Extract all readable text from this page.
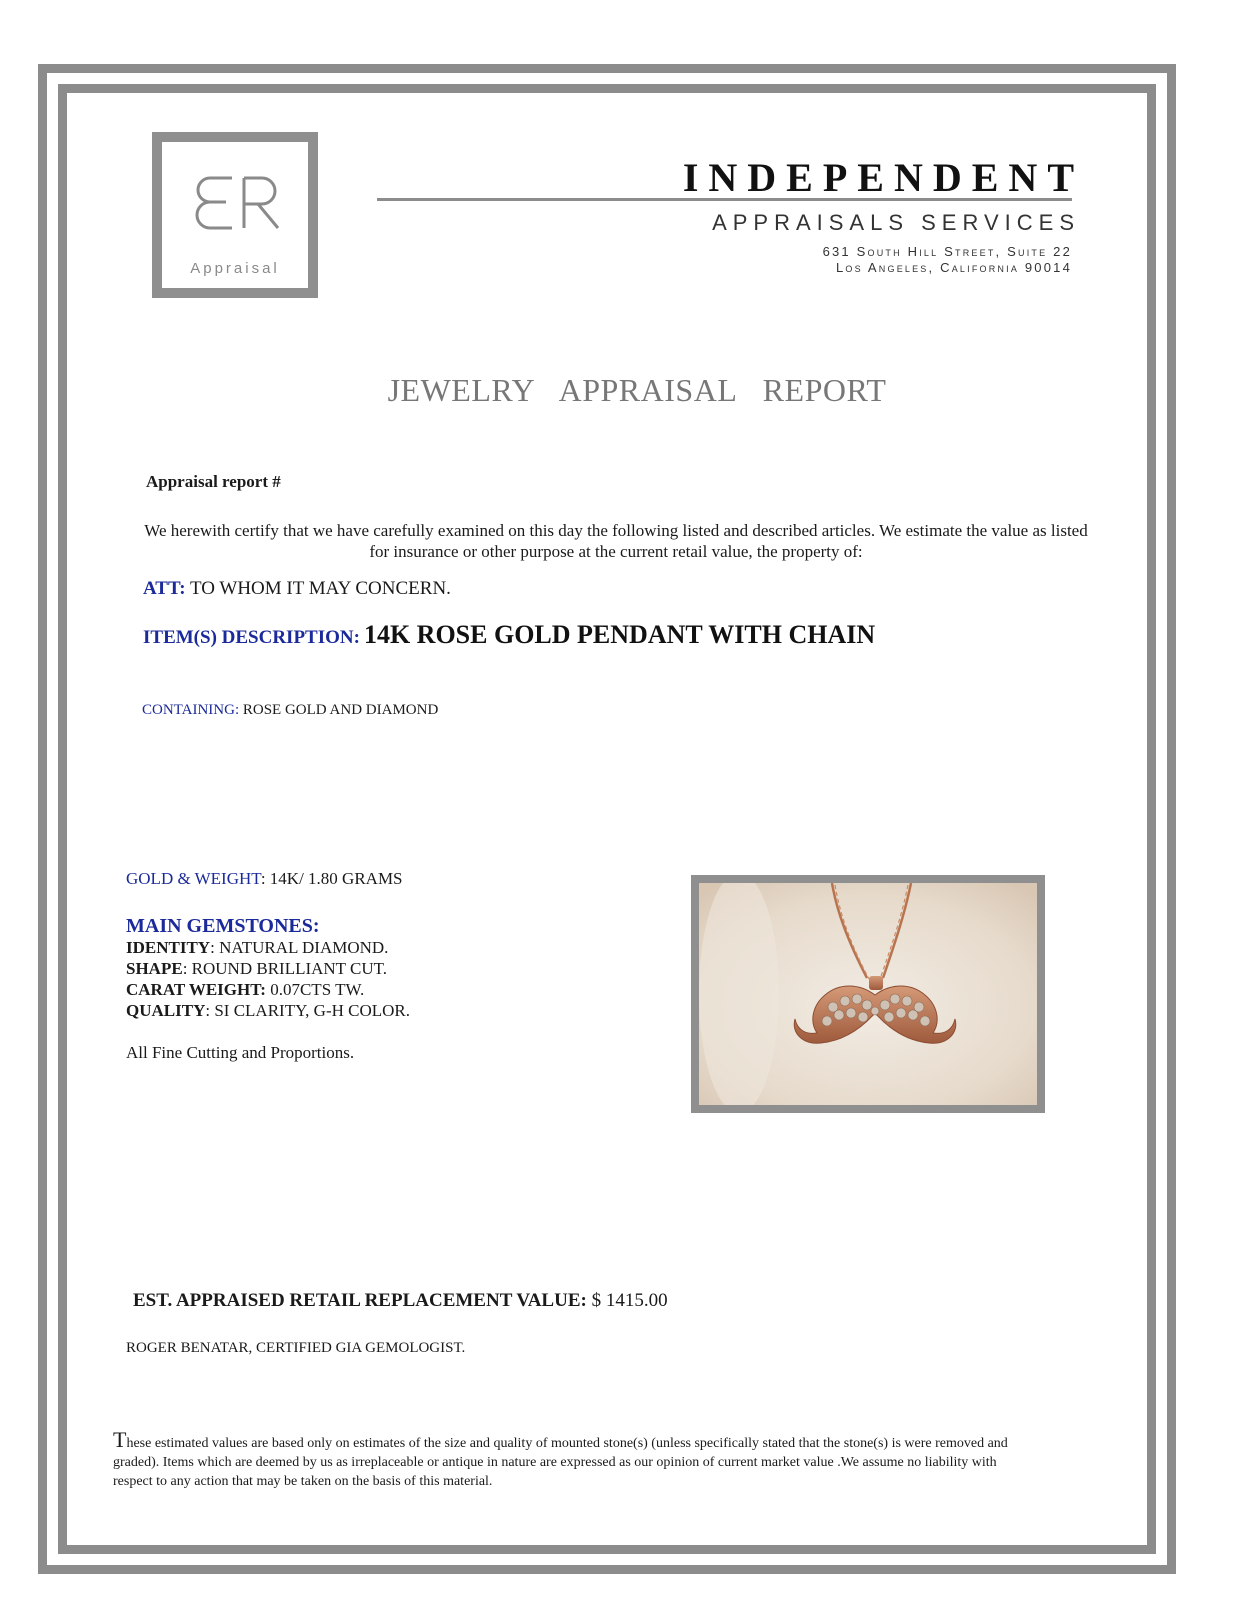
Appraisal
INDEPENDENT
APPRAISALS SERVICES
631 South Hill Street, Suite 22
Los Angeles, California 90014
JEWELRY APPRAISAL REPORT
Appraisal report #
We herewith certify that we have carefully examined on this day the following listed and described articles. We estimate the value as listed for insurance or other purpose at the current retail value, the property of:
ATT: TO WHOM IT MAY CONCERN.
ITEM(S) DESCRIPTION: 14K ROSE GOLD PENDANT WITH CHAIN
CONTAINING: ROSE GOLD AND DIAMOND
GOLD & WEIGHT: 14K/ 1.80 GRAMS
MAIN GEMSTONES:
IDENTITY: NATURAL DIAMOND.
SHAPE: ROUND BRILLIANT CUT.
CARAT WEIGHT: 0.07CTS TW.
QUALITY: SI CLARITY, G-H COLOR.
All Fine Cutting and Proportions.
EST. APPRAISED RETAIL REPLACEMENT VALUE: $ 1415.00
ROGER BENATAR, CERTIFIED GIA GEMOLOGIST.
These estimated values are based only on estimates of the size and quality of mounted stone(s) (unless specifically stated that the stone(s) is were removed and graded). Items which are deemed by us as irreplaceable or antique in nature are expressed as our opinion of current market value .We assume no liability with respect to any action that may be taken on the basis of this material.
